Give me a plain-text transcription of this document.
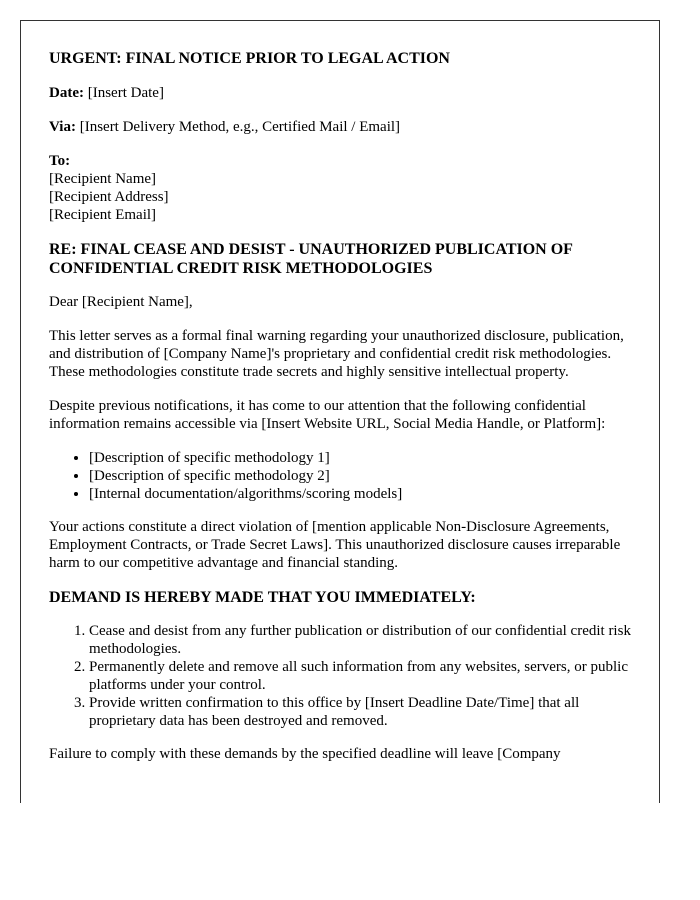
URGENT: FINAL NOTICE PRIOR TO LEGAL ACTION

Date: [Insert Date]

Via: [Insert Delivery Method, e.g., Certified Mail / Email]

To:
[Recipient Name]
[Recipient Address]
[Recipient Email]
RE: FINAL CEASE AND DESIST - UNAUTHORIZED PUBLICATION OF CONFIDENTIAL CREDIT RISK METHODOLOGIES

Dear [Recipient Name],

This letter serves as a formal final warning regarding your unauthorized disclosure, publication, and distribution of [Company Name]'s proprietary and confidential credit risk methodologies. These methodologies constitute trade secrets and highly sensitive intellectual property.

Despite previous notifications, it has come to our attention that the following confidential information remains accessible via [Insert Website URL, Social Media Handle, or Platform]:

• [Description of specific methodology 1]
• [Description of specific methodology 2]
• [Internal documentation/algorithms/scoring models]

Your actions constitute a direct violation of [mention applicable Non-Disclosure Agreements, Employment Contracts, or Trade Secret Laws]. This unauthorized disclosure causes irreparable harm to our competitive advantage and financial standing.

DEMAND IS HEREBY MADE THAT YOU IMMEDIATELY:
1. Cease and desist from any further publication or distribution of our confidential credit risk methodologies.
2. Permanently delete and remove all such information from any websites, servers, or public platforms under your control.
3. Provide written confirmation to this office by [Insert Deadline Date/Time] that all proprietary data has been destroyed and removed.

Failure to comply with these demands by the specified deadline will leave [Company
